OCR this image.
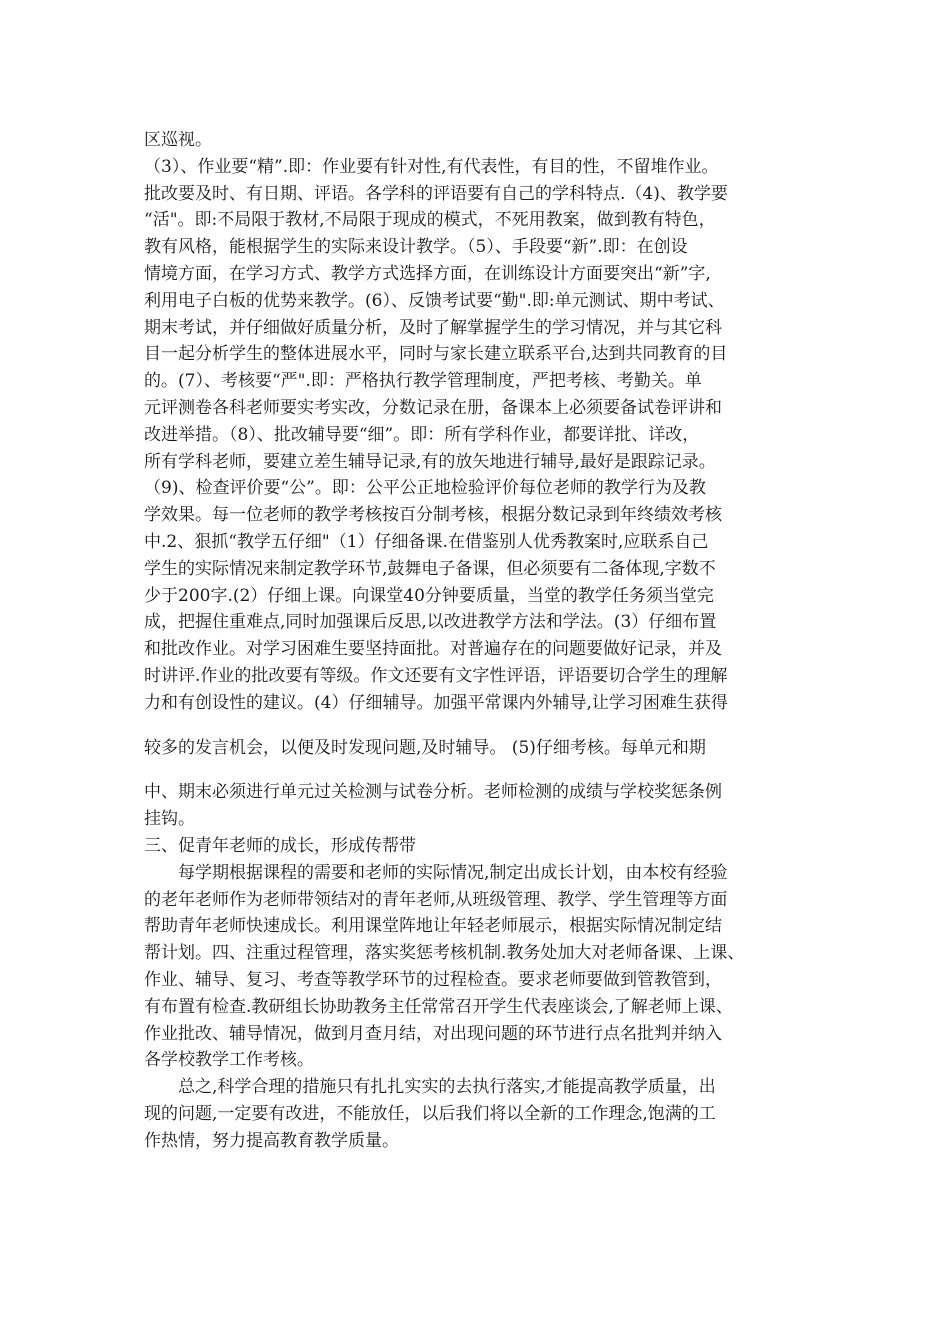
区巡视。
（3）、作业要“精”.即：作业要有针对性,有代表性，有目的性，不留堆作业。
批改要及时、有日期、评语。各学科的评语要有自己的学科特点.（4)、教学要
“活"。即:不局限于教材,不局限于现成的模式，不死用教案，做到教有特色，
教有风格，能根据学生的实际来设计教学。（5）、手段要“新”.即：在创设
情境方面，在学习方式、教学方式选择方面，在训练设计方面要突出“新”字,
利用电子白板的优势来教学。(6）、反馈考试要“勤".即:单元测试、期中考试、
期末考试，并仔细做好质量分析，及时了解掌握学生的学习情况，并与其它科
目一起分析学生的整体进展水平，同时与家长建立联系平台,达到共同教育的目
的。(7）、考核要“严".即：严格执行教学管理制度，严把考核、考勤关。单
元评测卷各科老师要实考实改，分数记录在册，备课本上必须要备试卷评讲和
改进举措。（8）、批改辅导要“细”。即：所有学科作业，都要详批、详改，
所有学科老师，要建立差生辅导记录,有的放矢地进行辅导,最好是跟踪记录。
（9)、检查评价要“公”。即：公平公正地检验评价每位老师的教学行为及教
学效果。每一位老师的教学考核按百分制考核，根据分数记录到年终绩效考核
中.2、狠抓“教学五仔细"（1）仔细备课.在借鉴别人优秀教案时,应联系自己
学生的实际情况来制定教学环节,鼓舞电子备课，但必须要有二备体现,字数不
少于200字.(2）仔细上课。向课堂40分钟要质量，当堂的教学任务须当堂完
成，把握住重难点,同时加强课后反思,以改进教学方法和学法。(3）仔细布置
和批改作业。对学习困难生要坚持面批。对普遍存在的问题要做好记录，并及
时讲评.作业的批改要有等级。作文还要有文字性评语，评语要切合学生的理解
力和有创设性的建议。(4）仔细辅导。加强平常课内外辅导,让学习困难生获得
较多的发言机会，以便及时发现问题,及时辅导。 (5)仔细考核。每单元和期
中、期末必须进行单元过关检测与试卷分析。老师检测的成绩与学校奖惩条例
挂钩。
三、促青年老师的成长，形成传帮带
每学期根据课程的需要和老师的实际情况,制定出成长计划，由本校有经验
的老年老师作为老师带领结对的青年老师,从班级管理、教学、学生管理等方面
帮助青年老师快速成长。利用课堂阵地让年轻老师展示，根据实际情况制定结
帮计划。四、注重过程管理，落实奖惩考核机制.教务处加大对老师备课、上课、
作业、辅导、复习、考查等教学环节的过程检查。要求老师要做到管教管到，
有布置有检查.教研组长协助教务主任常常召开学生代表座谈会,了解老师上课、
作业批改、辅导情况，做到月查月结，对出现问题的环节进行点名批判并纳入
各学校教学工作考核。
总之,科学合理的措施只有扎扎实实的去执行落实,才能提高教学质量，出
现的问题,一定要有改进，不能放任，以后我们将以全新的工作理念,饱满的工
作热情，努力提高教育教学质量。
